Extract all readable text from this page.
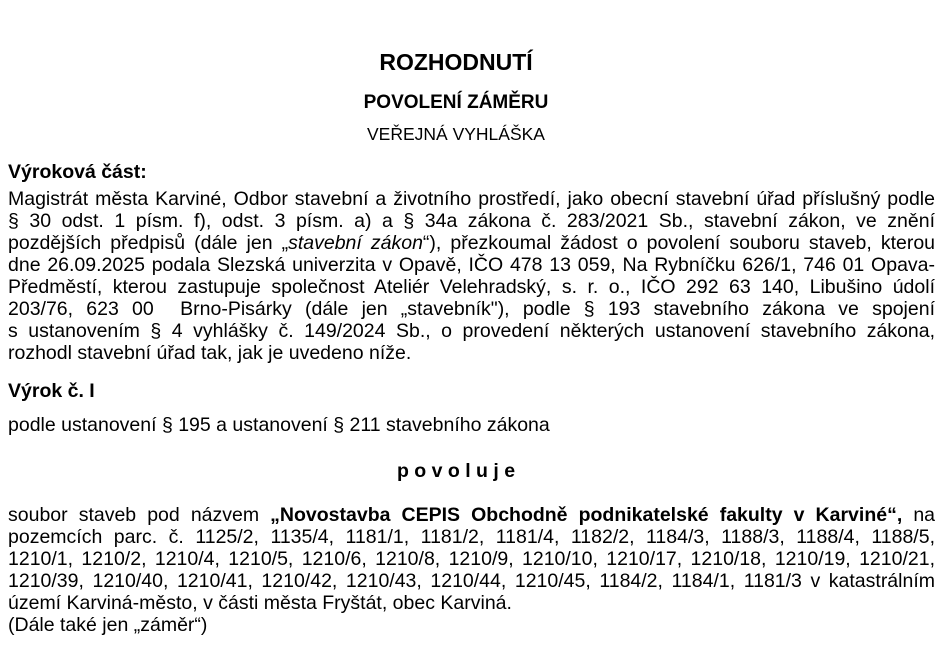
ROZHODNUTÍ
POVOLENÍ ZÁMĚRU
VEŘEJNÁ VYHLÁŠKA
Výroková část:
Magistrát města Karviné, Odbor stavební a životního prostředí, jako obecní stavební úřad příslušný podle
§ 30 odst. 1 písm. f), odst. 3 písm. a) a § 34a zákona č. 283/2021 Sb., stavební zákon, ve znění
pozdějších předpisů (dále jen „stavební zákon“), přezkoumal žádost o povolení souboru staveb, kterou
dne 26.09.2025 podala Slezská univerzita v Opavě, IČO 478 13 059, Na Rybníčku 626/1, 746 01 Opava-
Předměstí, kterou zastupuje společnost Ateliér Velehradský, s. r. o., IČO 292 63 140, Libušino údolí
203/76, 623 00  Brno-Pisárky (dále jen „stavebník"), podle § 193 stavebního zákona ve spojení
s ustanovením § 4 vyhlášky č. 149/2024 Sb., o provedení některých ustanovení stavebního zákona,
rozhodl stavební úřad tak, jak je uvedeno níže.
Výrok č. I
podle ustanovení § 195 a ustanovení § 211 stavebního zákona
p o v o l u j e
soubor staveb pod názvem „Novostavba CEPIS Obchodně podnikatelské fakulty v Karviné“, na
pozemcích parc. č. 1125/2, 1135/4, 1181/1, 1181/2, 1181/4, 1182/2, 1184/3, 1188/3, 1188/4, 1188/5,
1210/1, 1210/2, 1210/4, 1210/5, 1210/6, 1210/8, 1210/9, 1210/10, 1210/17, 1210/18, 1210/19, 1210/21,
1210/39, 1210/40, 1210/41, 1210/42, 1210/43, 1210/44, 1210/45, 1184/2, 1184/1, 1181/3 v katastrálním
území Karviná-město, v části města Fryštát, obec Karviná.
(Dále také jen „záměr“)
